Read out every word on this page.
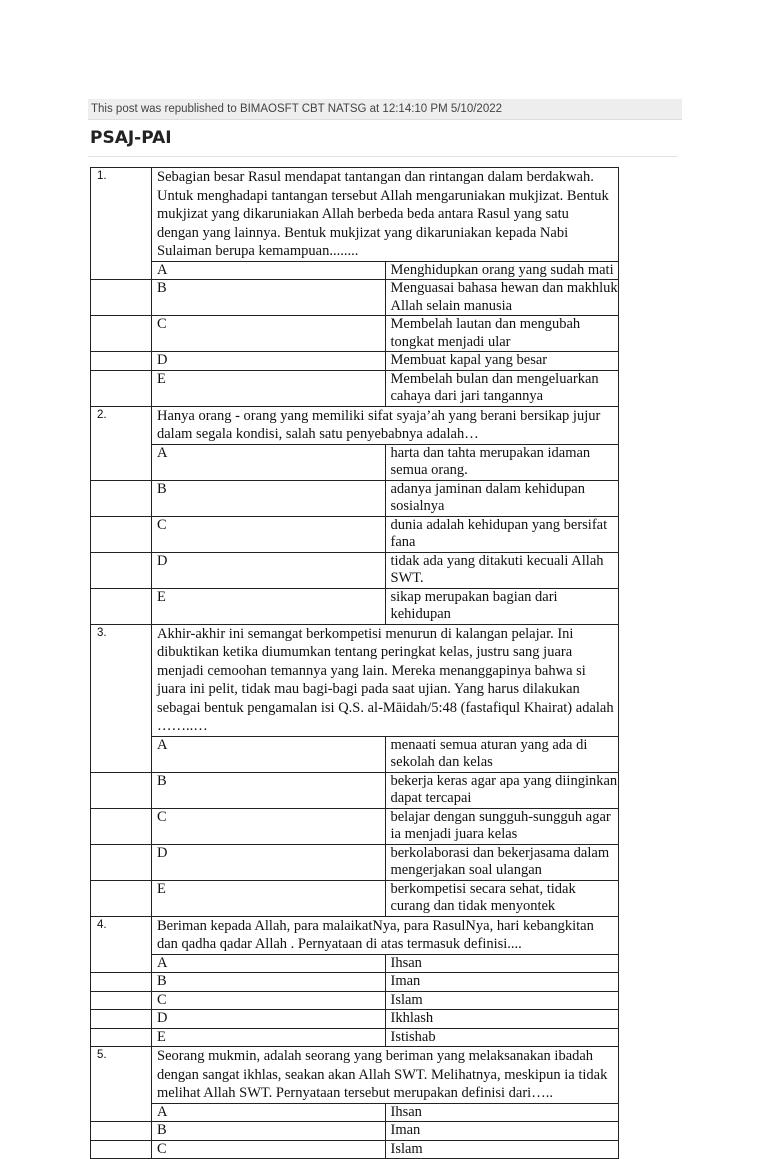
This post was republished to BIMAOSFT CBT NATSG at 12:14:10 PM 5/10/2022
PSAJ-PAI
1.	Sebagian besar Rasul mendapat tantangan dan rintangan dalam berdakwah. Untuk menghadapi tantangan tersebut Allah mengaruniakan mukjizat. Bentuk mukjizat yang dikaruniakan Allah berbeda beda antara Rasul yang satu dengan yang lainnya. Bentuk mukjizat yang dikaruniakan kepada Nabi Sulaiman berupa kemampuan........	
	A	Menghidupkan orang yang sudah mati
	B	Menguasai bahasa hewan dan makhluk Allah selain manusia
	C	Membelah lautan dan mengubah tongkat menjadi ular
	D	Membuat kapal yang besar
	E	Membelah bulan dan mengeluarkan cahaya dari jari tangannya
2.	Hanya orang - orang yang memiliki sifat syaja’ah yang berani bersikap jujur dalam segala kondisi, salah satu penyebabnya adalah…	
	A	harta dan tahta merupakan idaman semua orang.
	B	adanya jaminan dalam kehidupan sosialnya
	C	dunia adalah kehidupan yang bersifat fana
	D	tidak ada yang ditakuti kecuali Allah SWT.
	E	sikap merupakan bagian dari kehidupan
3.	Akhir-akhir ini semangat berkompetisi menurun di kalangan pelajar. Ini dibuktikan ketika diumumkan tentang peringkat kelas, justru sang juara menjadi cemoohan temannya yang lain. Mereka menanggapinya bahwa si juara ini pelit, tidak mau bagi-bagi pada saat ujian. Yang harus dilakukan sebagai bentuk pengamalan isi Q.S. al-Māidah/5:48 (fastafiqul Khairat) adalah ……..…	
	A	menaati semua aturan yang ada di sekolah dan kelas
	B	bekerja keras agar apa yang diinginkan dapat tercapai
	C	belajar dengan sungguh-sungguh agar ia menjadi juara kelas
	D	berkolaborasi dan bekerjasama dalam mengerjakan soal ulangan
	E	berkompetisi secara sehat, tidak curang dan tidak menyontek
4.	Beriman kepada Allah, para malaikatNya, para RasulNya, hari kebangkitan dan qadha qadar Allah . Pernyataan di atas termasuk definisi....	
	A	Ihsan
	B	Iman
	C	Islam
	D	Ikhlash
	E	Istishab
5.	Seorang mukmin, adalah seorang yang beriman yang melaksanakan ibadah dengan sangat ikhlas, seakan akan Allah SWT. Melihatnya, meskipun ia tidak melihat Allah SWT. Pernyataan tersebut merupakan definisi dari…..	
	A	Ihsan
	B	Iman
	C	Islam
